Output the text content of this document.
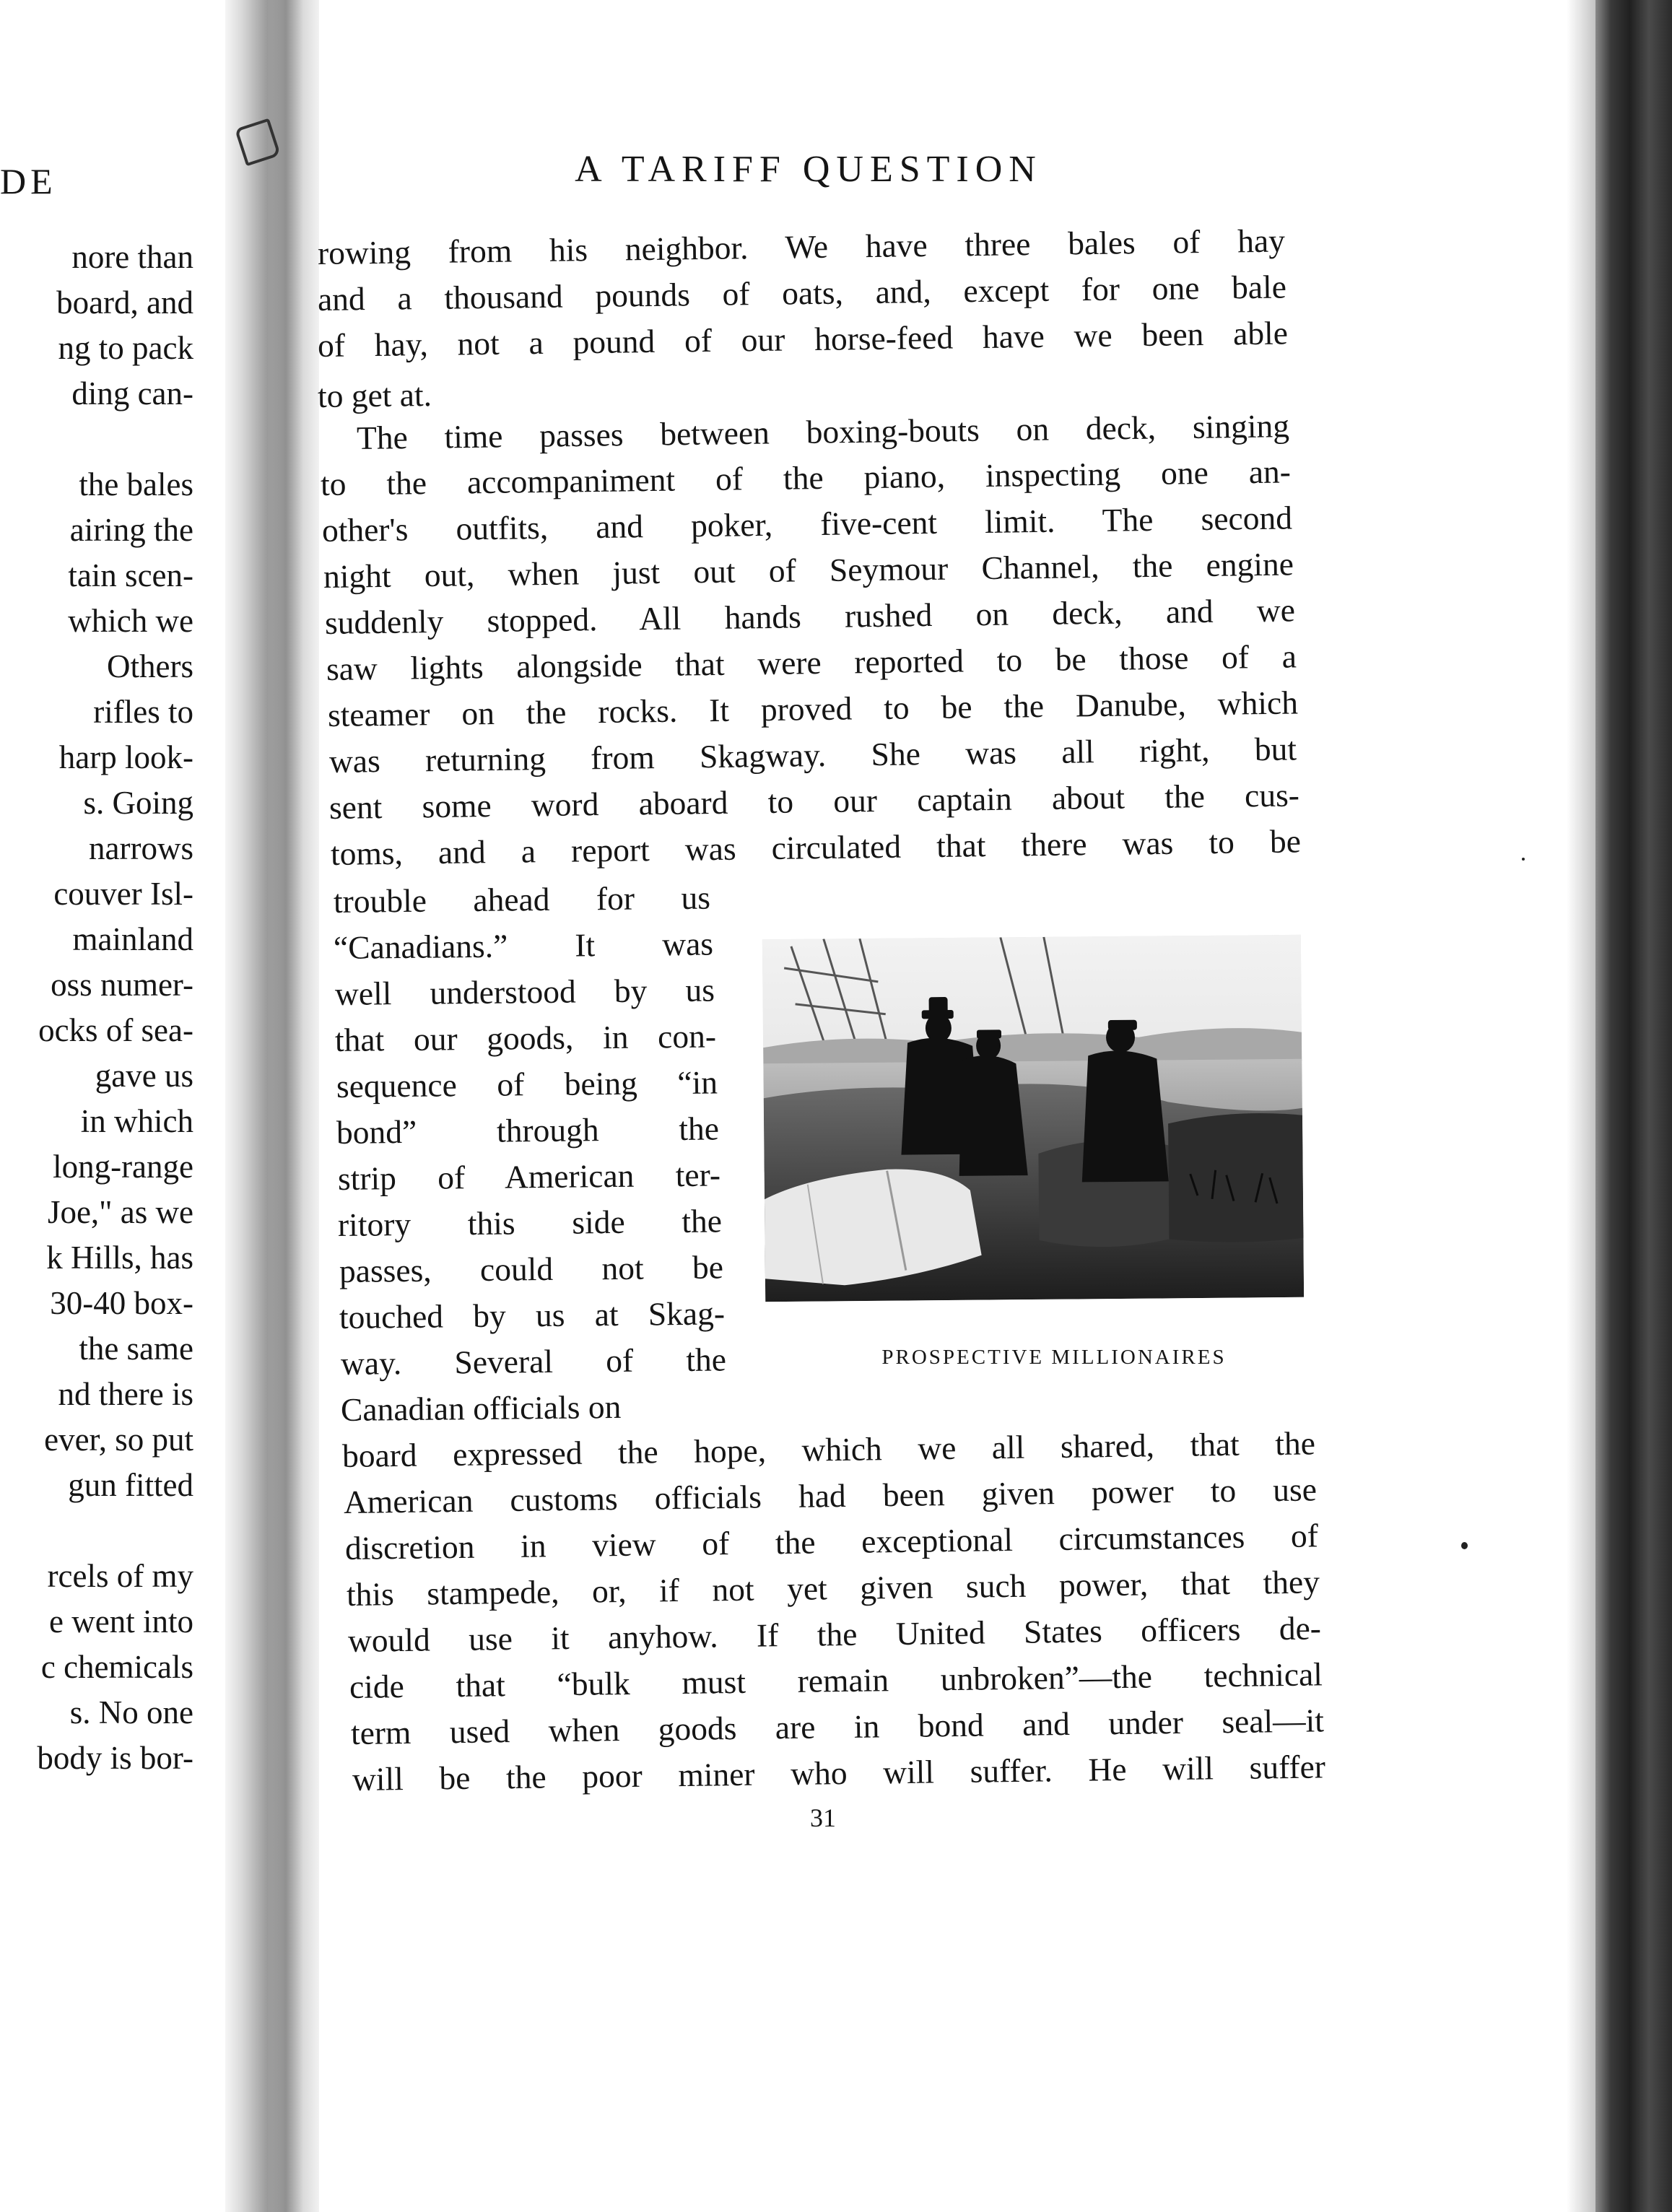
DE

nore than

board, and

ng to pack

ding can-

the bales

airing the

tain scen-

which we

Others

rifles to

harp look-

s. Going

narrows

couver Isl-

mainland

oss numer-

ocks of sea-

gave us

in which

long-range

Joe," as we

k Hills, has

30-40 box-

the same

nd there is

ever, so put

gun fitted

rcels of my

e went into

c chemicals

s. No one

body is bor-

A TARIFF QUESTION

rowing from his neighbor. We have three bales of hay

and a thousand pounds of oats, and, except for one bale

of hay, not a pound of our horse-feed have we been able

to get at.

The time passes between boxing-bouts on deck, singing

to the accompaniment of the piano, inspecting one an-

other's outfits, and poker, five-cent limit. The second

night out, when just out of Seymour Channel, the engine

suddenly stopped. All hands rushed on deck, and we

saw lights alongside that were reported to be those of a

steamer on the rocks. It proved to be the Danube, which

was returning from Skagway. She was all right, but

sent some word aboard to our captain about the cus-

toms, and a report was circulated that there was to be

trouble ahead for us

“Canadians.” It was

well understood by us

that our goods, in con-

sequence of being “in

bond” through the

strip of American ter-

ritory this side the

passes, could not be

touched by us at Skag-

way. Several of the

Canadian officials on

board expressed the hope, which we all shared, that the

American customs officials had been given power to use

discretion in view of the exceptional circumstances of

this stampede, or, if not yet given such power, that they

would use it anyhow. If the United States officers de-

cide that “bulk must remain unbroken”—the technical

term used when goods are in bond and under seal—it

will be the poor miner who will suffer. He will suffer

PROSPECTIVE MILLIONAIRES

31
